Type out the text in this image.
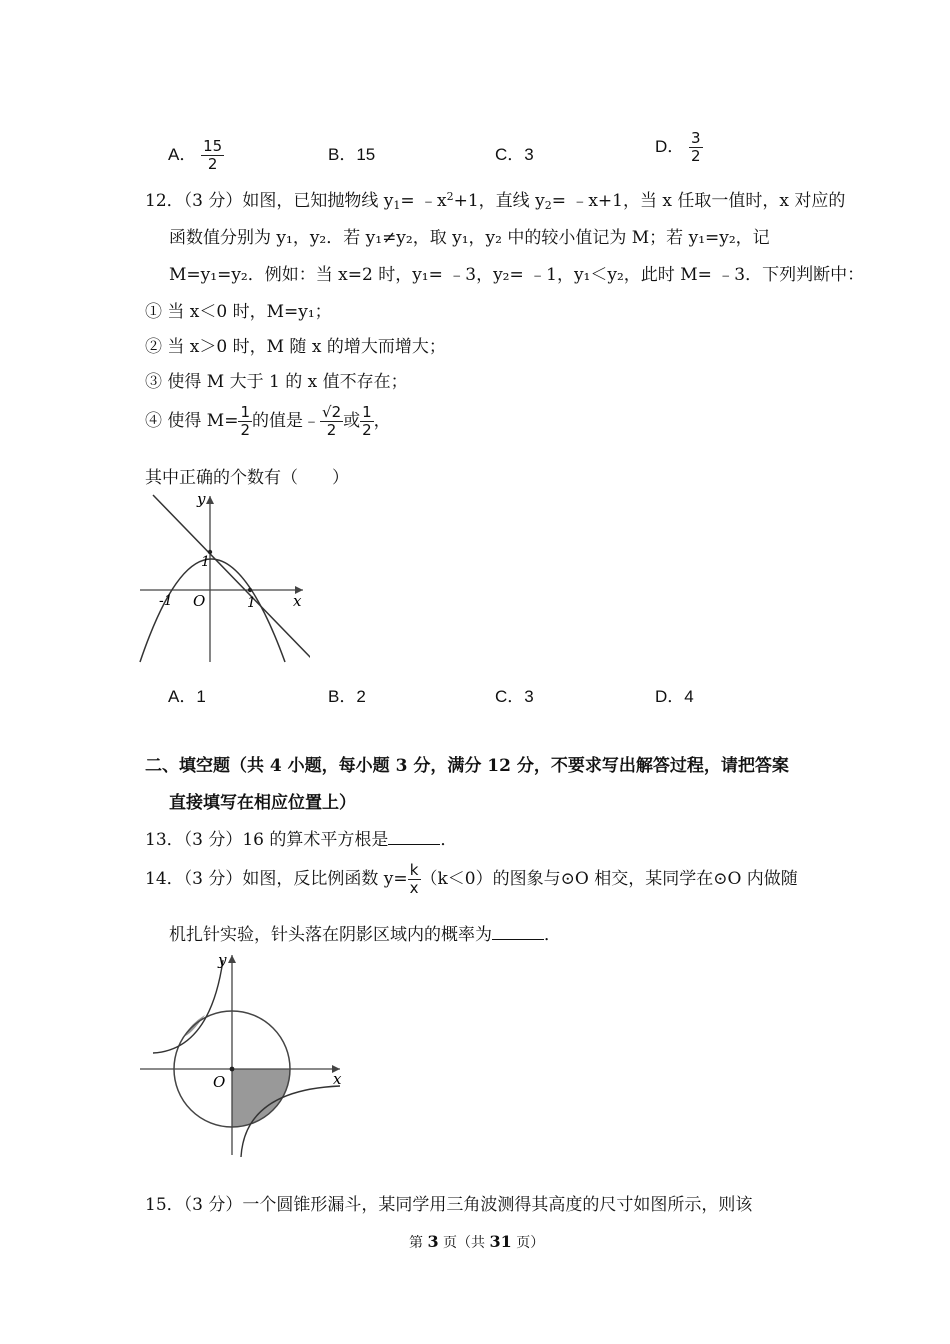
A． $\frac{15}{2}$	B．15	C．3	D． $\frac{3}{2}$
12．（3 分）如图，已知抛物线 $y_1=$ $﹣x^2+1$，直线 $y_2=$ ﹣x+1，当 x 任取一值时，x 对应的
函数值分别为 y₁，y₂．若 y₁≠y₂，取 y₁，y₂ 中的较小值记为 M；若 y₁=y₂，记
M=y₁=y₂．例如：当 x=2 时，y₁= ﹣3，y₂= ﹣1，y₁＜y₂，此时 M= ﹣3．下列判断中：
① 当 x＜0 时，M=y₁；
② 当 x＞0 时，M 随 x 的增大而增大；
③ 使得 M 大于 1 的 x 值不存在；
④ 使得 $M= \frac{1}{2}$ 的值是﹣ $\frac{√2}{2}$ 或 $\frac{1}{2}$ ，
其中正确的个数有（　　）
y
x
O
1
-1	1
A．1	B．2	C．3	D．4
二、填空题（共 4 小题，每小题 3 分，满分 12 分，不要求写出解答过程，请把答案
直接填写在相应位置上）
13．（3 分）16 的算术平方根是	．
14．（3 分）如图，反比例函数 $y= \frac{k}{x} (k<0)$的图象与⊙O 相交，某同学在⊙O 内做随
机扎针实验，针头落在阴影区域内的概率为	．
y
x
O
15．（3 分）一个圆锥形漏斗，某同学用三角波测得其高度的尺寸如图所示，则该
第 3 页（共 31 页）
